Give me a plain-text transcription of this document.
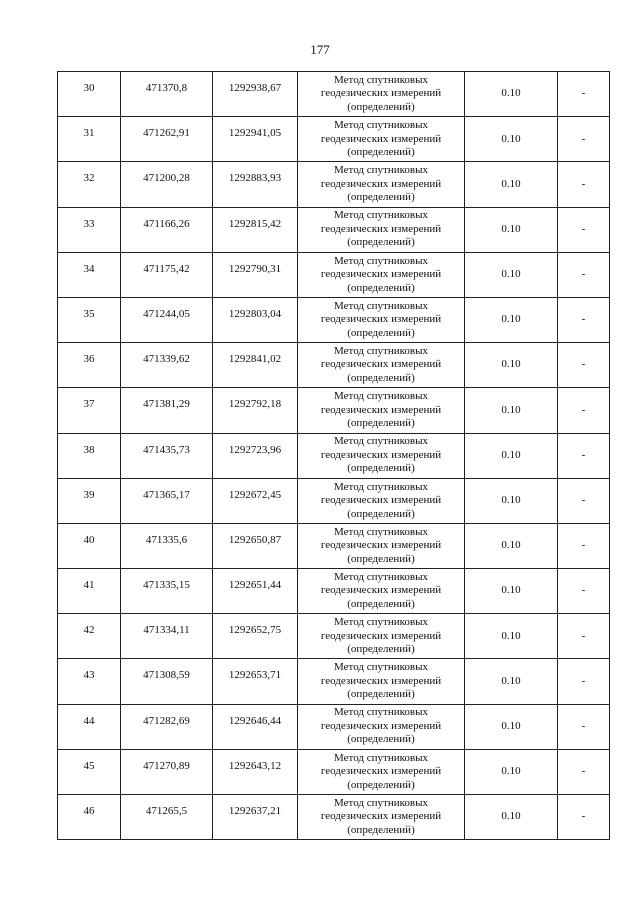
177
30	471370,8	1292938,67	Метод спутниковых геодезических измерений (определений)	0.10	-
31	471262,91	1292941,05	Метод спутниковых геодезических измерений (определений)	0.10	-
32	471200,28	1292883,93	Метод спутниковых геодезических измерений (определений)	0.10	-
33	471166,26	1292815,42	Метод спутниковых геодезических измерений (определений)	0.10	-
34	471175,42	1292790,31	Метод спутниковых геодезических измерений (определений)	0.10	-
35	471244,05	1292803,04	Метод спутниковых геодезических измерений (определений)	0.10	-
36	471339,62	1292841,02	Метод спутниковых геодезических измерений (определений)	0.10	-
37	471381,29	1292792,18	Метод спутниковых геодезических измерений (определений)	0.10	-
38	471435,73	1292723,96	Метод спутниковых геодезических измерений (определений)	0.10	-
39	471365,17	1292672,45	Метод спутниковых геодезических измерений (определений)	0.10	-
40	471335,6	1292650,87	Метод спутниковых геодезических измерений (определений)	0.10	-
41	471335,15	1292651,44	Метод спутниковых геодезических измерений (определений)	0.10	-
42	471334,11	1292652,75	Метод спутниковых геодезических измерений (определений)	0.10	-
43	471308,59	1292653,71	Метод спутниковых геодезических измерений (определений)	0.10	-
44	471282,69	1292646,44	Метод спутниковых геодезических измерений (определений)	0.10	-
45	471270,89	1292643,12	Метод спутниковых геодезических измерений (определений)	0.10	-
46	471265,5	1292637,21	Метод спутниковых геодезических измерений (определений)	0.10	-
